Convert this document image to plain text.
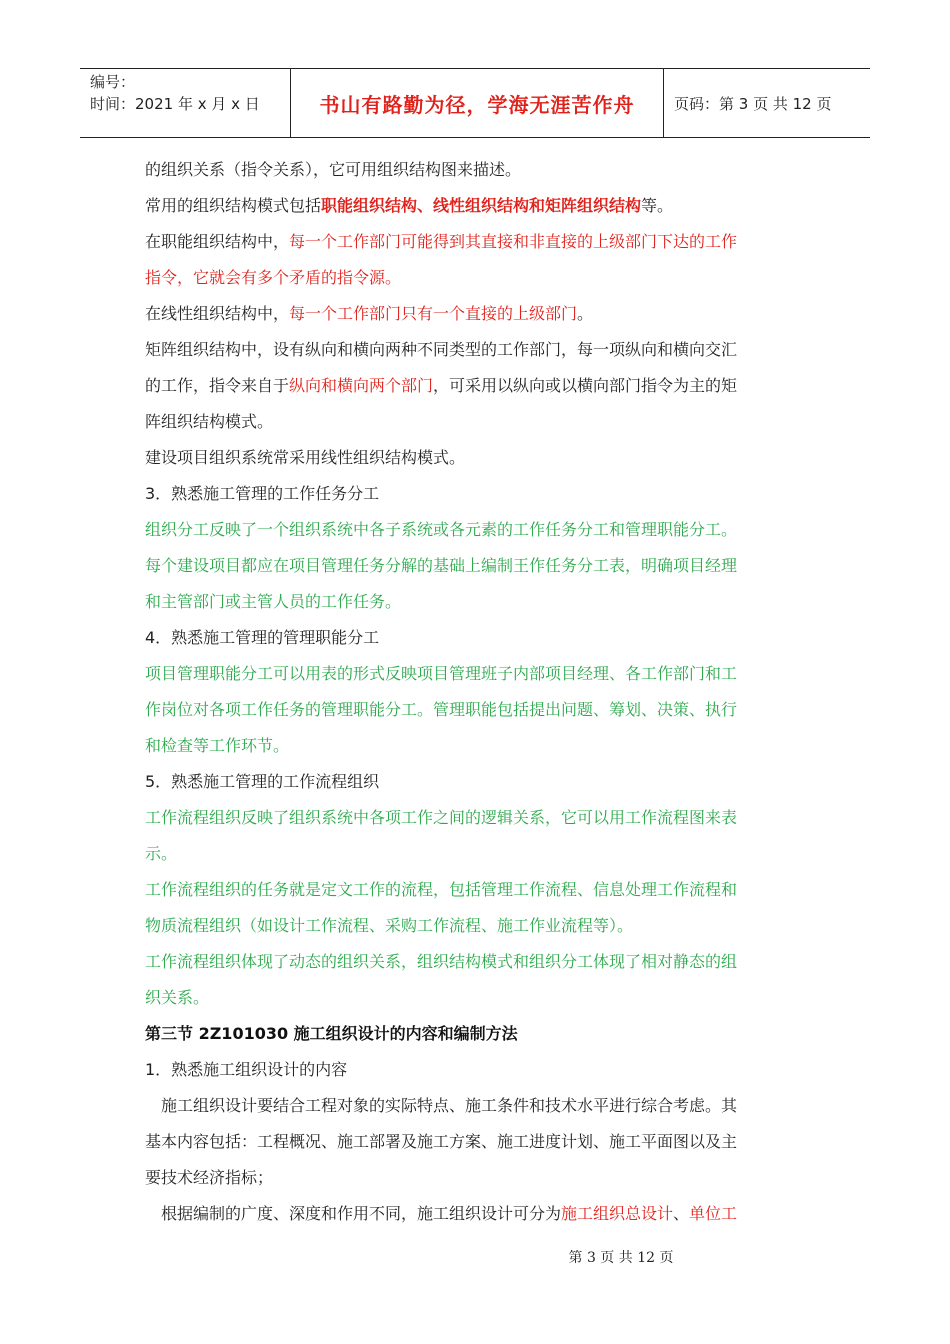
编号：
时间：2021 年 x 月 x 日	书山有路勤为径，学海无涯苦作舟	页码：第 3 页 共 12 页

的组织关系（指令关系），它可用组织结构图来描述。

常用的组织结构模式包括职能组织结构、线性组织结构和矩阵组织结构等。

在职能组织结构中，每一个工作部门可能得到其直接和非直接的上级部门下达的工作

指令，它就会有多个矛盾的指令源。

在线性组织结构中，每一个工作部门只有一个直接的上级部门。

矩阵组织结构中，设有纵向和横向两种不同类型的工作部门，每一项纵向和横向交汇

的工作，指令来自于纵向和横向两个部门，可采用以纵向或以横向部门指令为主的矩

阵组织结构模式。

建设项目组织系统常采用线性组织结构模式。

3．熟悉施工管理的工作任务分工

组织分工反映了一个组织系统中各子系统或各元素的工作任务分工和管理职能分工。

每个建设项目都应在项目管理任务分解的基础上编制王作任务分工表，明确项目经理

和主管部门或主管人员的工作任务。

4．熟悉施工管理的管理职能分工

项目管理职能分工可以用表的形式反映项目管理班子内部项目经理、各工作部门和工

作岗位对各项工作任务的管理职能分工。管理职能包括提出问题、筹划、决策、执行

和检查等工作环节。

5．熟悉施工管理的工作流程组织

工作流程组织反映了组织系统中各项工作之间的逻辑关系，它可以用工作流程图来表

示。

工作流程组织的任务就是定文工作的流程，包括管理工作流程、信息处理工作流程和

物质流程组织（如设计工作流程、采购工作流程、施工作业流程等）。

工作流程组织体现了动态的组织关系，组织结构模式和组织分工体现了相对静态的组

织关系。

第三节 2Z101030 施工组织设计的内容和编制方法

1．熟悉施工组织设计的内容

施工组织设计要结合工程对象的实际特点、施工条件和技术水平进行综合考虑。其

基本内容包括：工程概况、施工部署及施工方案、施工进度计划、施工平面图以及主

要技术经济指标；

根据编制的广度、深度和作用不同，施工组织设计可分为施工组织总设计、单位工

第 3 页 共 12 页
